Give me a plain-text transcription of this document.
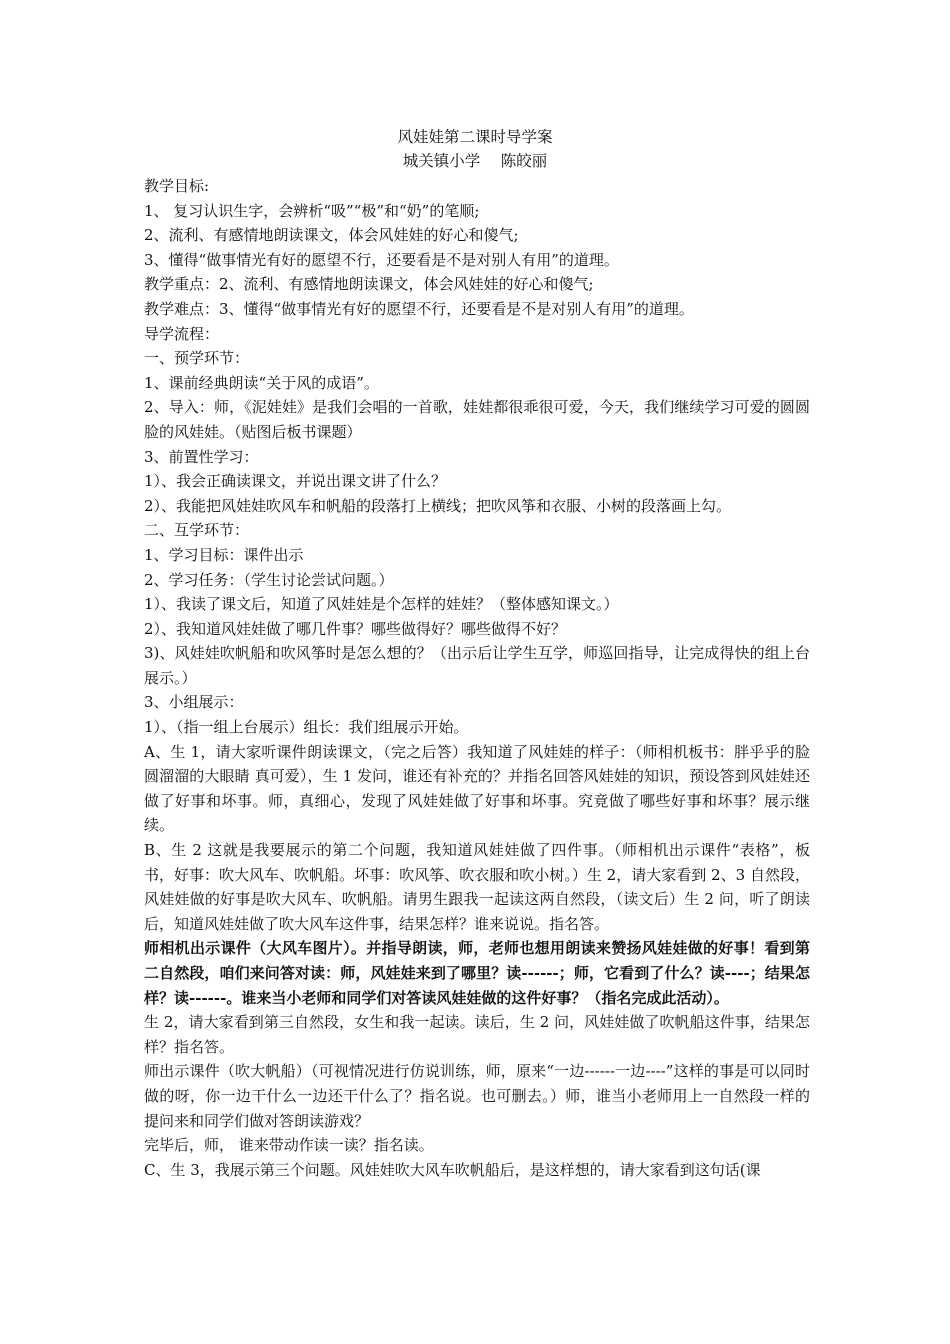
风娃娃第二课时导学案
城关镇小学　 陈皎丽

教学目标:

1、 复习认识生字，会辨析“吸”“极”和“奶”的笔顺;

2、流利、有感情地朗读课文，体会风娃娃的好心和傻气;

3、懂得“做事情光有好的愿望不行，还要看是不是对别人有用”的道理。

教学重点：2、流利、有感情地朗读课文，体会风娃娃的好心和傻气;

教学难点：3、懂得“做事情光有好的愿望不行，还要看是不是对别人有用”的道理。

导学流程：

一、预学环节：

1、课前经典朗读“关于风的成语”。

2、导入：师，《泥娃娃》是我们会唱的一首歌，娃娃都很乖很可爱，今天，我们继续学习可爱的圆圆脸的风娃娃。（贴图后板书课题）

3、前置性学习：

1）、我会正确读课文，并说出课文讲了什么？

2）、我能把风娃娃吹风车和帆船的段落打上横线；把吹风筝和衣服、小树的段落画上勾。

二、互学环节：

1、学习目标：课件出示

2、学习任务：（学生讨论尝试问题。）

1）、我读了课文后，知道了风娃娃是个怎样的娃娃？（整体感知课文。）

2）、我知道风娃娃做了哪几件事？哪些做得好？哪些做得不好？

3)、风娃娃吹帆船和吹风筝时是怎么想的？（出示后让学生互学，师巡回指导，让完成得快的组上台展示。）

3、小组展示：

1）、（指一组上台展示）组长：我们组展示开始。

A、生 1，请大家听课件朗读课文，（完之后答）我知道了风娃娃的样子：（师相机板书：胖乎乎的脸 圆溜溜的大眼睛 真可爱），生 1 发问，谁还有补充的？并指名回答风娃娃的知识，预设答到风娃娃还做了好事和坏事。师，真细心，发现了风娃娃做了好事和坏事。究竟做了哪些好事和坏事？展示继续。

B、生 2 这就是我要展示的第二个问题，我知道风娃娃做了四件事。（师相机出示课件“表格”，板书，好事：吹大风车、吹帆船。坏事：吹风筝、吹衣服和吹小树。）生 2，请大家看到 2、3 自然段，风娃娃做的好事是吹大风车、吹帆船。请男生跟我一起读这两自然段，（读文后）生 2 问，听了朗读后，知道风娃娃做了吹大风车这件事，结果怎样？谁来说说。指名答。

师相机出示课件（大风车图片）。并指导朗读，师，老师也想用朗读来赞扬风娃娃做的好事！看到第二自然段，咱们来问答对读：师，风娃娃来到了哪里？读------；师，它看到了什么？读----；结果怎样？读------。谁来当小老师和同学们对答读风娃娃做的这件好事？（指名完成此活动）。

生 2，请大家看到第三自然段，女生和我一起读。读后，生 2 问，风娃娃做了吹帆船这件事，结果怎样？指名答。

师出示课件（吹大帆船）（可视情况进行仿说训练，师，原来“一边------一边----”这样的事是可以同时做的呀，你一边干什么一边还干什么了？指名说。也可删去。）师，谁当小老师用上一自然段一样的提问来和同学们做对答朗读游戏？

完毕后，师， 谁来带动作读一读？指名读。

C、生 3，我展示第三个问题。风娃娃吹大风车吹帆船后，是这样想的，请大家看到这句话(课
